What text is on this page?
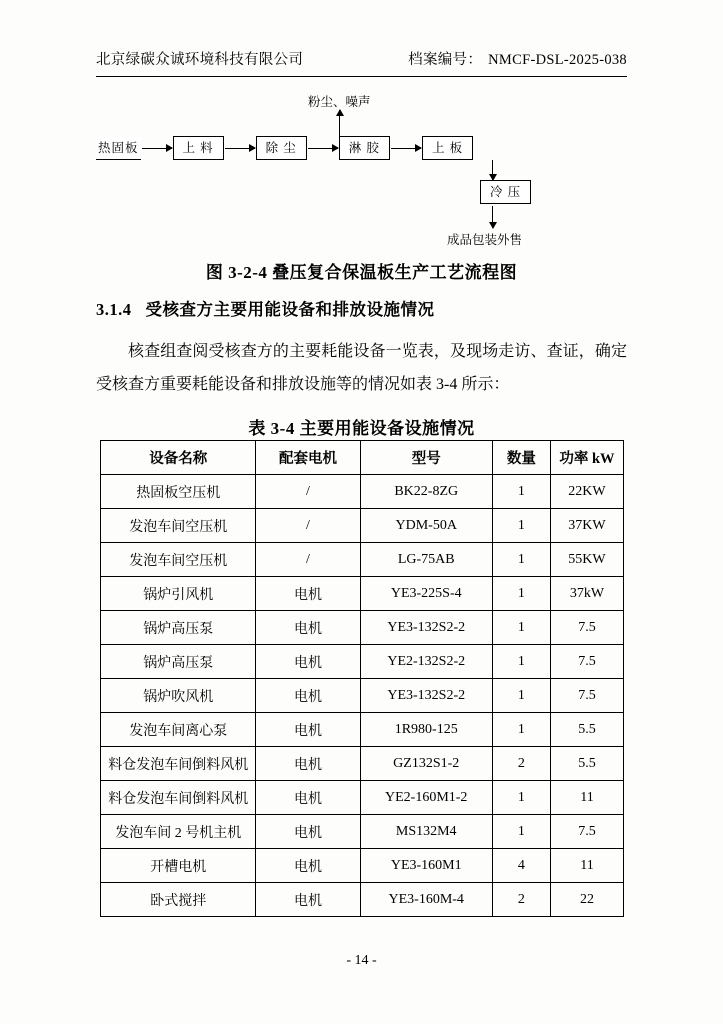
北京绿碳众诚环境科技有限公司	档案编号： NMCF-DSL-2025-038
粉尘、噪声
热固板	上 料	除 尘	淋 胶	上 板
冷 压
成品包装外售
图 3-2-4 叠压复合保温板生产工艺流程图
3.1.4 受核查方主要用能设备和排放设施情况
核查组查阅受核查方的主要耗能设备一览表，及现场走访、查证，确定受核查方重要耗能设备和排放设施等的情况如表 3-4 所示：
表 3-4 主要用能设备设施情况
设备名称	配套电机	型号	数量	功率 kW
热固板空压机	/	BK22-8ZG	1	22KW
发泡车间空压机	/	YDM-50A	1	37KW
发泡车间空压机	/	LG-75AB	1	55KW
锅炉引风机	电机	YE3-225S-4	1	37kW
锅炉高压泵	电机	YE3-132S2-2	1	7.5
锅炉高压泵	电机	YE2-132S2-2	1	7.5
锅炉吹风机	电机	YE3-132S2-2	1	7.5
发泡车间离心泵	电机	1R980-125	1	5.5
料仓发泡车间倒料风机	电机	GZ132S1-2	2	5.5
料仓发泡车间倒料风机	电机	YE2-160M1-2	1	11
发泡车间 2 号机主机	电机	MS132M4	1	7.5
开槽电机	电机	YE3-160M1	4	11
卧式搅拌	电机	YE3-160M-4	2	22
- 14 -
